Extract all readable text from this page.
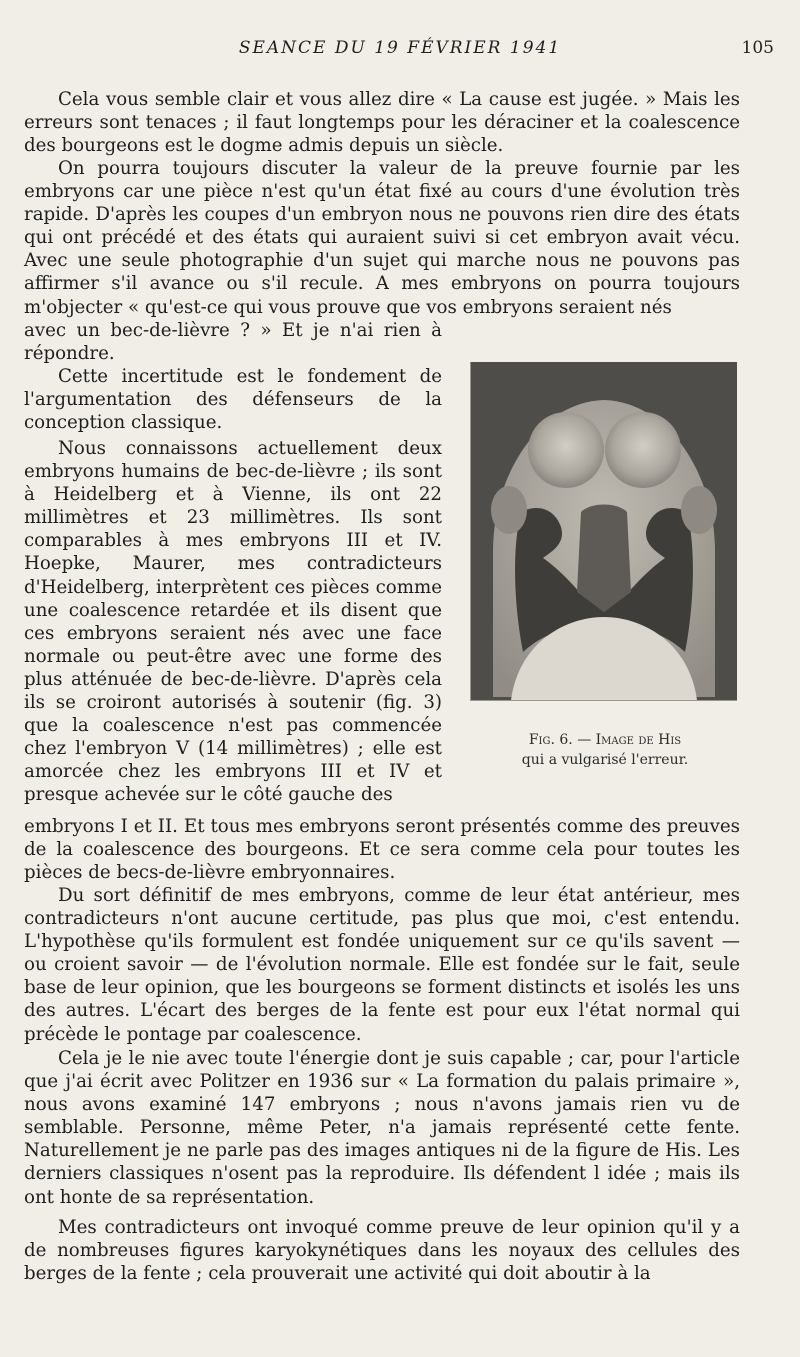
SEANCE DU 19 FÉVRIER 1941	105

Cela vous semble clair et vous allez dire « La cause est jugée. » Mais les erreurs sont tenaces ; il faut longtemps pour les déraciner et la coalescence des bourgeons est le dogme admis depuis un siècle.

On pourra toujours discuter la valeur de la preuve fournie par les embryons car une pièce n'est qu'un état fixé au cours d'une évolution très rapide. D'après les coupes d'un embryon nous ne pouvons rien dire des états qui ont précédé et des états qui auraient suivi si cet embryon avait vécu. Avec une seule photographie d'un sujet qui marche nous ne pouvons pas affirmer s'il avance ou s'il recule. A mes embryons on pourra toujours m'objecter « qu'est-ce qui vous prouve que vos embryons seraient nés

avec un bec-de-lièvre ? » Et je n'ai rien à répondre.

Cette incertitude est le fondement de l'argumentation des défenseurs de la conception classique.

Nous connaissons actuellement deux embryons humains de bec-de-lièvre ; ils sont à Heidelberg et à Vienne, ils ont 22 millimètres et 23 millimètres. Ils sont comparables à mes embryons III et IV. Hoepke, Maurer, mes contradicteurs d'Heidelberg, interprètent ces pièces comme une coalescence retardée et ils disent que ces embryons seraient nés avec une face normale ou peut-être avec une forme des plus atténuée de bec-de-lièvre. D'après cela ils se croiront autorisés à soutenir (fig. 3) que la coalescence n'est pas commencée chez l'embryon V (14 millimètres) ; elle est amorcée chez les embryons III et IV et presque achevée sur le côté gauche des

embryons I et II. Et tous mes embryons seront présentés comme des preuves de la coalescence des bourgeons. Et ce sera comme cela pour toutes les pièces de becs-de-lièvre embryonnaires.

Du sort définitif de mes embryons, comme de leur état antérieur, mes contradicteurs n'ont aucune certitude, pas plus que moi, c'est entendu. L'hypothèse qu'ils formulent est fondée uniquement sur ce qu'ils savent — ou croient savoir — de l'évolution normale. Elle est fondée sur le fait, seule base de leur opinion, que les bourgeons se forment distincts et isolés les uns des autres. L'écart des berges de la fente est pour eux l'état normal qui précède le pontage par coalescence.

Cela je le nie avec toute l'énergie dont je suis capable ; car, pour l'article que j'ai écrit avec Politzer en 1936 sur « La formation du palais primaire », nous avons examiné 147 embryons ; nous n'avons jamais rien vu de semblable. Personne, même Peter, n'a jamais représenté cette fente. Naturellement je ne parle pas des images antiques ni de la figure de His. Les derniers classiques n'osent pas la reproduire. Ils défendent l idée ; mais ils ont honte de sa représentation.

Mes contradicteurs ont invoqué comme preuve de leur opinion qu'il y a de nombreuses figures karyokynétiques dans les noyaux des cellules des berges de la fente ; cela prouverait une activité qui doit aboutir à la

Fig. 6. — Image de His
qui a vulgarisé l'erreur.
